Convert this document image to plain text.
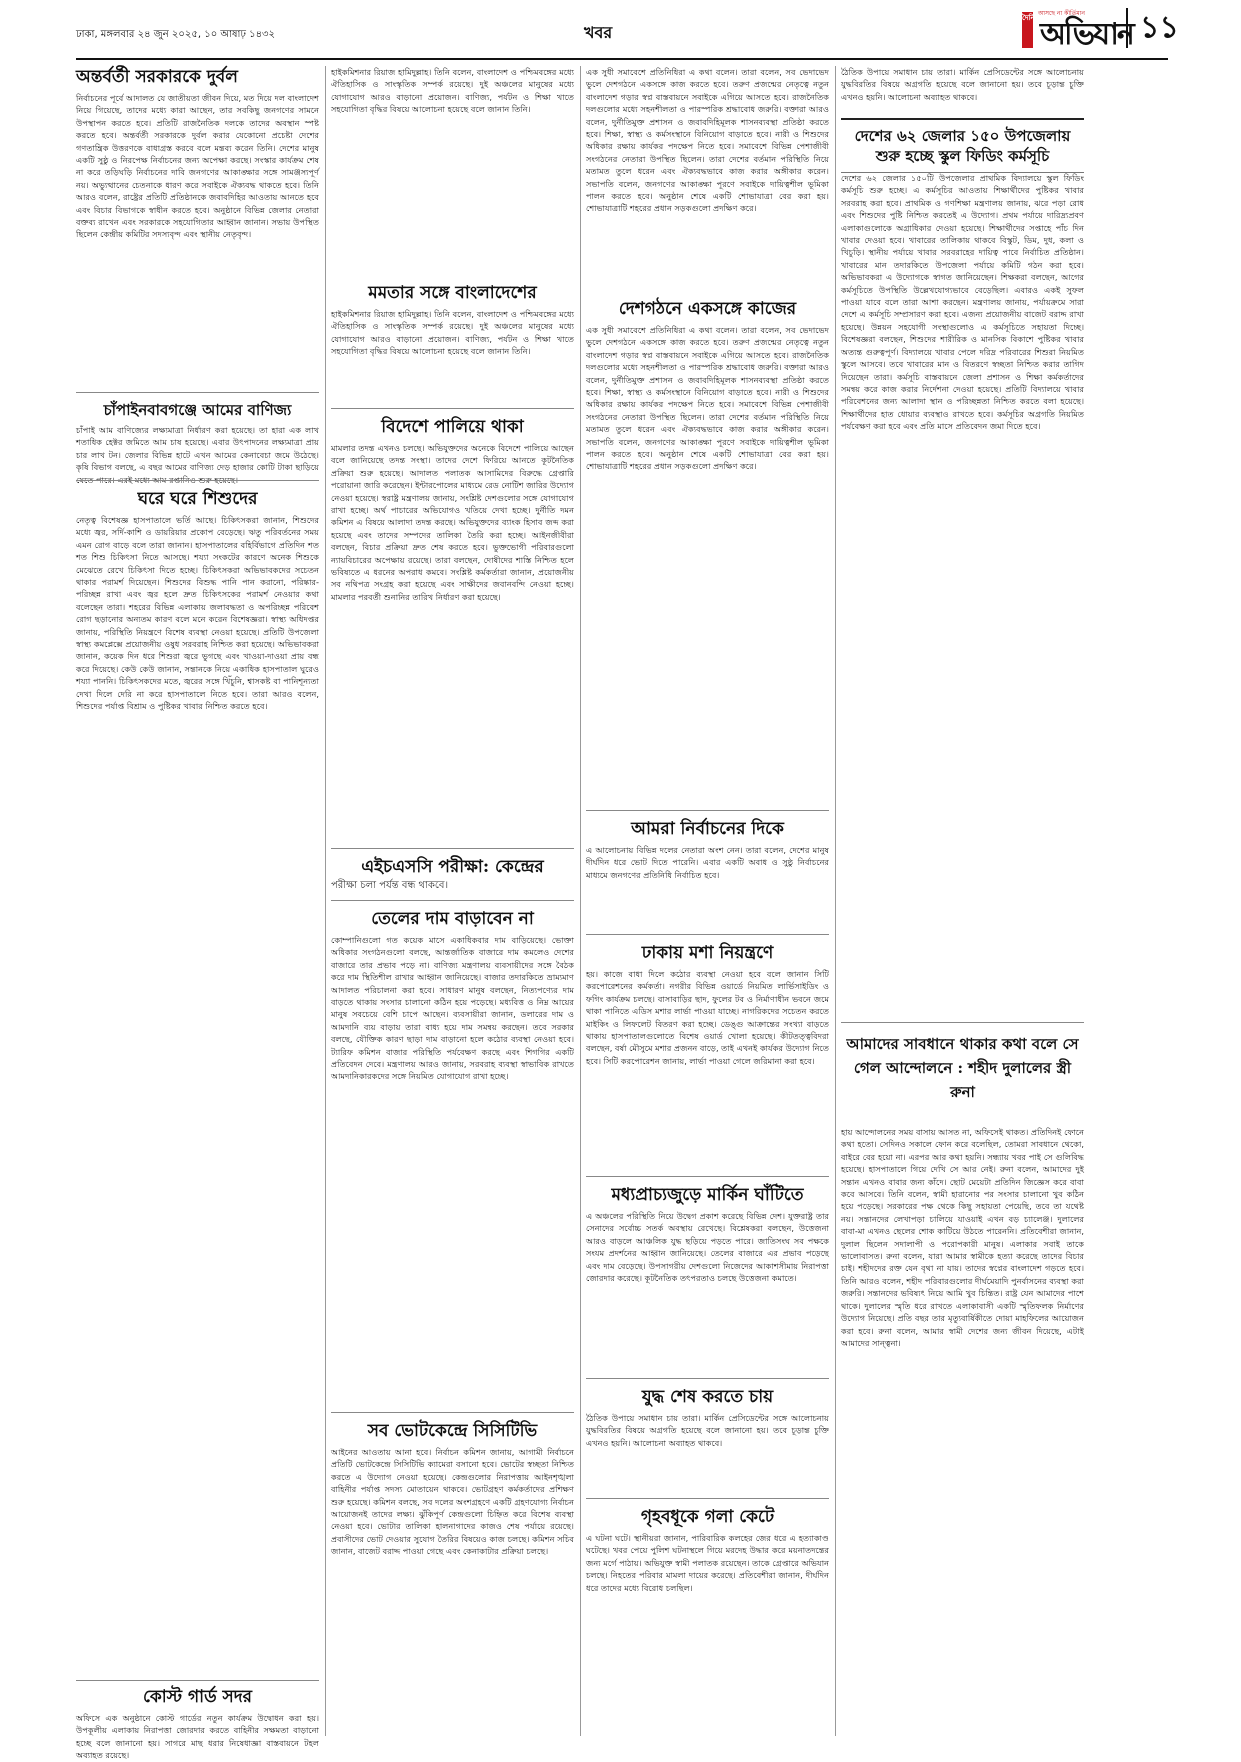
ঢাকা, মঙ্গলবার ২৪ জুন ২০২৫, ১০ আষাঢ় ১৪৩২	খবর
দৈনিক
আসছে না কীর্তিমান
অভিযান ১১
অন্তর্বর্তী সরকারকে দুর্বল

নির্বাচনের পূর্বে আদালত যে জাতীয়তা জীবন দিয়ে, মত দিয়ে দল বাংলাদেশ নিয়ে গিয়েছে, তাদের মধ্যে কারা আছেন, তার সবকিছু জনগণের সামনে উপস্থাপন করতে হবে। প্রতিটি রাজনৈতিক দলকে তাদের অবস্থান স্পষ্ট করতে হবে। অন্তর্বর্তী সরকারকে দুর্বল করার যেকোনো প্রচেষ্টা দেশের গণতান্ত্রিক উত্তরণকে বাধাগ্রস্ত করবে বলে মন্তব্য করেন তিনি। দেশের মানুষ একটি সুষ্ঠু ও নিরপেক্ষ নির্বাচনের জন্য অপেক্ষা করছে। সংস্কার কার্যক্রম শেষ না করে তড়িঘড়ি নির্বাচনের দাবি জনগণের আকাঙ্ক্ষার সঙ্গে সামঞ্জস্যপূর্ণ নয়। অভ্যুত্থানের চেতনাকে ধারণ করে সবাইকে ঐক্যবদ্ধ থাকতে হবে। তিনি আরও বলেন, রাষ্ট্রের প্রতিটি প্রতিষ্ঠানকে জবাবদিহির আওতায় আনতে হবে এবং বিচার বিভাগকে স্বাধীন করতে হবে। অনুষ্ঠানে বিভিন্ন জেলার নেতারা বক্তব্য রাখেন এবং সরকারকে সহযোগিতার আহ্বান জানান। সভায় উপস্থিত ছিলেন কেন্দ্রীয় কমিটির সদস্যবৃন্দ এবং স্থানীয় নেতৃবৃন্দ।

চাঁপাইনবাবগঞ্জে আমের বাণিজ্য

চাঁপাই আম বাণিজ্যের লক্ষ্যমাত্রা নির্ধারণ করা হয়েছে। তা হারা এক লাখ শতাধিক হেক্টর জমিতে আম চাষ হয়েছে। এবার উৎপাদনের লক্ষ্যমাত্রা প্রায় চার লাখ টন। জেলার বিভিন্ন হাটে এখন আমের কেনাবেচা জমে উঠেছে। কৃষি বিভাগ বলছে, এ বছর আমের বাণিজ্য দেড় হাজার কোটি টাকা ছাড়িয়ে

ঘরে ঘরে শিশুদের

নেতৃত্ব বিশেষজ্ঞ হাসপাতালে ভর্তি আছে। চিকিৎসকরা জানান, শিশুদের মধ্যে জ্বর, সর্দি-কাশি ও ডায়রিয়ার প্রকোপ বেড়েছে। ঋতু পরিবর্তনের সময় এমন রোগ বাড়ে বলে তারা জানান। হাসপাতালের বহির্বিভাগে প্রতিদিন শত শত শিশু চিকিৎসা নিতে আসছে। শয্যা সংকটের কারণে অনেক শিশুকে মেঝেতে রেখে চিকিৎসা দিতে হচ্ছে। চিকিৎসকরা অভিভাবকদের সচেতন থাকার পরামর্শ দিয়েছেন। শিশুদের বিশুদ্ধ পানি পান করানো, পরিষ্কার-পরিচ্ছন্ন রাখা এবং জ্বর হলে দ্রুত চিকিৎসকের পরামর্শ নেওয়ার কথা বলেছেন তারা। শহরের বিভিন্ন এলাকায় জলাবদ্ধতা ও অপরিচ্ছন্ন পরিবেশ রোগ ছড়ানোর অন্যতম কারণ বলে মনে করেন বিশেষজ্ঞরা। স্বাস্থ্য অধিদপ্তর জানায়, পরিস্থিতি নিয়ন্ত্রণে বিশেষ ব্যবস্থা নেওয়া হয়েছে। প্রতিটি উপজেলা স্বাস্থ্য কমপ্লেক্সে প্রয়োজনীয় ওষুধ সরবরাহ নিশ্চিত করা হয়েছে। অভিভাবকরা জানান, কয়েক দিন ধরে শিশুরা জ্বরে ভুগছে এবং খাওয়া-দাওয়া প্রায় বন্ধ করে দিয়েছে। কেউ কেউ জানান, সন্তানকে নিয়ে একাধিক হাসপাতাল ঘুরেও শয্যা পাননি। চিকিৎসকদের মতে, জ্বরের সঙ্গে খিঁচুনি, শ্বাসকষ্ট বা পানিশূন্যতা দেখা দিলে দেরি না করে হাসপাতালে নিতে হবে। তারা আরও বলেন, শিশুদের পর্যাপ্ত বিশ্রাম ও পুষ্টিকর খাবার নিশ্চিত করতে হবে।

কোস্ট গার্ড সদর

অফিসে এক অনুষ্ঠানে কোস্ট গার্ডের নতুন কার্যক্রম উদ্বোধন করা হয়। উপকূলীয় এলাকায় নিরাপত্তা জোরদার করতে বাহিনীর সক্ষমতা বাড়ানো হচ্ছে বলে জানানো হয়। সাগরে মাছ ধরার নিষেধাজ্ঞা বাস্তবায়নে টহল অব্যাহত রয়েছে।

হাইকমিশনার রিয়াজ হামিদুল্লাহ। তিনি বলেন, বাংলাদেশ ও পশ্চিমবঙ্গের মধ্যে ঐতিহাসিক ও সাংস্কৃতিক সম্পর্ক রয়েছে। দুই অঞ্চলের মানুষের মধ্যে যোগাযোগ আরও বাড়ানো প্রয়োজন। বাণিজ্য, পর্যটন ও শিক্ষা খাতে সহযোগিতা বৃদ্ধির বিষয়ে আলোচনা হয়েছে বলে জানান তিনি।

মমতার সঙ্গে বাংলাদেশের

হাইকমিশনার রিয়াজ হামিদুল্লাহ। তিনি বলেন, বাংলাদেশ ও পশ্চিমবঙ্গের মধ্যে ঐতিহাসিক ও সাংস্কৃতিক সম্পর্ক রয়েছে। দুই অঞ্চলের মানুষের মধ্যে যোগাযোগ আরও বাড়ানো প্রয়োজন। বাণিজ্য, পর্যটন ও শিক্ষা খাতে সহযোগিতা বৃদ্ধির বিষয়ে আলোচনা হয়েছে বলে জানান তিনি।

বিদেশে পালিয়ে থাকা

মামলার তদন্ত এখনও চলছে। অভিযুক্তদের অনেকে বিদেশে পালিয়ে আছেন বলে জানিয়েছে তদন্ত সংস্থা। তাদের দেশে ফিরিয়ে আনতে কূটনৈতিক প্রক্রিয়া শুরু হয়েছে। আদালত পলাতক আসামিদের বিরুদ্ধে গ্রেপ্তারি পরোয়ানা জারি করেছেন। ইন্টারপোলের মাধ্যমে রেড নোটিশ জারির উদ্যোগ নেওয়া হয়েছে। স্বরাষ্ট্র মন্ত্রণালয় জানায়, সংশ্লিষ্ট দেশগুলোর সঙ্গে যোগাযোগ রাখা হচ্ছে। অর্থ পাচারের অভিযোগও খতিয়ে দেখা হচ্ছে। দুর্নীতি দমন কমিশন এ বিষয়ে আলাদা তদন্ত করছে। অভিযুক্তদের ব্যাংক হিসাব জব্দ করা হয়েছে এবং তাদের সম্পদের তালিকা তৈরি করা হচ্ছে। আইনজীবীরা বলছেন, বিচার প্রক্রিয়া দ্রুত শেষ করতে হবে। ভুক্তভোগী পরিবারগুলো ন্যায়বিচারের অপেক্ষায় রয়েছে। তারা বলছেন, দোষীদের শাস্তি নিশ্চিত হলে ভবিষ্যতে এ ধরনের অপরাধ কমবে। সংশ্লিষ্ট কর্মকর্তারা জানান, প্রয়োজনীয় সব নথিপত্র সংগ্রহ করা হয়েছে এবং সাক্ষীদের জবানবন্দি নেওয়া হচ্ছে। মামলার পরবর্তী শুনানির তারিখ নির্ধারণ করা হয়েছে।

এইচএসসি পরীক্ষা: কেন্দ্রের

পরীক্ষা চলা পর্যন্ত বন্ধ থাকবে।

তেলের দাম বাড়াবেন না

কোম্পানিগুলো গত কয়েক মাসে একাধিকবার দাম বাড়িয়েছে। ভোক্তা অধিকার সংগঠনগুলো বলছে, আন্তর্জাতিক বাজারে দাম কমলেও দেশের বাজারে তার প্রভাব পড়ে না। বাণিজ্য মন্ত্রণালয় ব্যবসায়ীদের সঙ্গে বৈঠক করে দাম স্থিতিশীল রাখার আহ্বান জানিয়েছে। বাজার তদারকিতে ভ্রাম্যমাণ আদালত পরিচালনা করা হবে। সাধারণ মানুষ বলছেন, নিত্যপণ্যের দাম বাড়তে থাকায় সংসার চালানো কঠিন হয়ে পড়েছে। মধ্যবিত্ত ও নিম্ন আয়ের মানুষ সবচেয়ে বেশি চাপে আছেন। ব্যবসায়ীরা জানান, ডলারের দাম ও আমদানি ব্যয় বাড়ায় তারা বাধ্য হয়ে দাম সমন্বয় করছেন। তবে সরকার বলছে, যৌক্তিক কারণ ছাড়া দাম বাড়ানো হলে কঠোর ব্যবস্থা নেওয়া হবে। ট্যারিফ কমিশন বাজার পরিস্থিতি পর্যবেক্ষণ করছে এবং শিগগির একটি প্রতিবেদন দেবে। মন্ত্রণালয় আরও জানায়, সরবরাহ ব্যবস্থা স্বাভাবিক রাখতে আমদানিকারকদের সঙ্গে নিয়মিত যোগাযোগ রাখা হচ্ছে।

সব ভোটকেন্দ্রে সিসিটিভি

আইনের আওতায় আনা হবে। নির্বাচন কমিশন জানায়, আগামী নির্বাচনে প্রতিটি ভোটকেন্দ্রে সিসিটিভি ক্যামেরা বসানো হবে। ভোটের স্বচ্ছতা নিশ্চিত করতে এ উদ্যোগ নেওয়া হয়েছে। কেন্দ্রগুলোর নিরাপত্তায় আইনশৃঙ্খলা বাহিনীর পর্যাপ্ত সদস্য মোতায়েন থাকবে। ভোটগ্রহণ কর্মকর্তাদের প্রশিক্ষণ শুরু হয়েছে। কমিশন বলছে, সব দলের অংশগ্রহণে একটি গ্রহণযোগ্য নির্বাচন আয়োজনই তাদের লক্ষ্য। ঝুঁকিপূর্ণ কেন্দ্রগুলো চিহ্নিত করে বিশেষ ব্যবস্থা নেওয়া হবে। ভোটার তালিকা হালনাগাদের কাজও শেষ পর্যায়ে রয়েছে। প্রবাসীদের ভোট দেওয়ার সুযোগ তৈরির বিষয়েও কাজ চলছে। কমিশন সচিব জানান, বাজেট বরাদ্দ পাওয়া গেছে এবং কেনাকাটার প্রক্রিয়া চলছে।

এক সুধী সমাবেশে প্রতিনিধিরা এ কথা বলেন। তারা বলেন, সব ভেদাভেদ ভুলে দেশগঠনে একসঙ্গে কাজ করতে হবে। তরুণ প্রজন্মের নেতৃত্বে নতুন বাংলাদেশ গড়ার স্বপ্ন বাস্তবায়নে সবাইকে এগিয়ে আসতে হবে। রাজনৈতিক দলগুলোর মধ্যে সহনশীলতা ও পারস্পরিক শ্রদ্ধাবোধ জরুরি। বক্তারা আরও বলেন, দুর্নীতিমুক্ত প্রশাসন ও জবাবদিহিমূলক শাসনব্যবস্থা প্রতিষ্ঠা করতে হবে। শিক্ষা, স্বাস্থ্য ও কর্মসংস্থানে বিনিয়োগ বাড়াতে হবে। নারী ও শিশুদের অধিকার রক্ষায় কার্যকর পদক্ষেপ নিতে হবে। সমাবেশে বিভিন্ন পেশাজীবী সংগঠনের নেতারা উপস্থিত ছিলেন। তারা দেশের বর্তমান পরিস্থিতি নিয়ে মতামত তুলে ধরেন এবং ঐক্যবদ্ধভাবে কাজ করার অঙ্গীকার করেন। সভাপতি বলেন, জনগণের আকাঙ্ক্ষা পূরণে সবাইকে দায়িত্বশীল ভূমিকা পালন করতে হবে। অনুষ্ঠান শেষে একটি শোভাযাত্রা বের করা হয়। শোভাযাত্রাটি শহরের প্রধান সড়কগুলো প্রদক্ষিণ করে।

দেশগঠনে একসঙ্গে কাজের

এক সুধী সমাবেশে প্রতিনিধিরা এ কথা বলেন। তারা বলেন, সব ভেদাভেদ ভুলে দেশগঠনে একসঙ্গে কাজ করতে হবে। তরুণ প্রজন্মের নেতৃত্বে নতুন বাংলাদেশ গড়ার স্বপ্ন বাস্তবায়নে সবাইকে এগিয়ে আসতে হবে। রাজনৈতিক দলগুলোর মধ্যে সহনশীলতা ও পারস্পরিক শ্রদ্ধাবোধ জরুরি। বক্তারা আরও বলেন, দুর্নীতিমুক্ত প্রশাসন ও জবাবদিহিমূলক শাসনব্যবস্থা প্রতিষ্ঠা করতে হবে। শিক্ষা, স্বাস্থ্য ও কর্মসংস্থানে বিনিয়োগ বাড়াতে হবে। নারী ও শিশুদের অধিকার রক্ষায় কার্যকর পদক্ষেপ নিতে হবে। সমাবেশে বিভিন্ন পেশাজীবী সংগঠনের নেতারা উপস্থিত ছিলেন। তারা দেশের বর্তমান পরিস্থিতি নিয়ে মতামত তুলে ধরেন এবং ঐক্যবদ্ধভাবে কাজ করার অঙ্গীকার করেন। সভাপতি বলেন, জনগণের আকাঙ্ক্ষা পূরণে সবাইকে দায়িত্বশীল ভূমিকা পালন করতে হবে। অনুষ্ঠান শেষে একটি শোভাযাত্রা বের করা হয়। শোভাযাত্রাটি শহরের প্রধান সড়কগুলো প্রদক্ষিণ করে।

আমরা নির্বাচনের দিকে

এ আলোচনায় বিভিন্ন দলের নেতারা অংশ নেন। তারা বলেন, দেশের মানুষ দীর্ঘদিন ধরে ভোট দিতে পারেনি। এবার একটি অবাধ ও সুষ্ঠু নির্বাচনের মাধ্যমে জনগণের প্রতিনিধি নির্বাচিত হবে।

ঢাকায় মশা নিয়ন্ত্রণে

হয়। কাজে বাধা দিলে কঠোর ব্যবস্থা নেওয়া হবে বলে জানান সিটি করপোরেশনের কর্মকর্তা। নগরীর বিভিন্ন ওয়ার্ডে নিয়মিত লার্ভিসাইডিং ও ফগিং কার্যক্রম চলছে। বাসাবাড়ির ছাদ, ফুলের টব ও নির্মাণাধীন ভবনে জমে থাকা পানিতে এডিস মশার লার্ভা পাওয়া যাচ্ছে। নাগরিকদের সচেতন করতে মাইকিং ও লিফলেট বিতরণ করা হচ্ছে। ডেঙ্গু আক্রান্তের সংখ্যা বাড়তে থাকায় হাসপাতালগুলোতে বিশেষ ওয়ার্ড খোলা হয়েছে। কীটতত্ত্ববিদরা বলছেন, বর্ষা মৌসুমে মশার প্রজনন বাড়ে, তাই এখনই কার্যকর উদ্যোগ নিতে হবে। সিটি করপোরেশন জানায়, লার্ভা পাওয়া গেলে জরিমানা করা হবে।

মধ্যপ্রাচ্যজুড়ে মার্কিন ঘাঁটিতে

এ অঞ্চলের পরিস্থিতি নিয়ে উদ্বেগ প্রকাশ করেছে বিভিন্ন দেশ। যুক্তরাষ্ট্র তার সেনাদের সর্বোচ্চ সতর্ক অবস্থায় রেখেছে। বিশ্লেষকরা বলছেন, উত্তেজনা আরও বাড়লে আঞ্চলিক যুদ্ধ ছড়িয়ে পড়তে পারে। জাতিসংঘ সব পক্ষকে সংযম প্রদর্শনের আহ্বান জানিয়েছে। তেলের বাজারে এর প্রভাব পড়েছে এবং দাম বেড়েছে। উপসাগরীয় দেশগুলো নিজেদের আকাশসীমায় নিরাপত্তা জোরদার করেছে। কূটনৈতিক তৎপরতাও চলছে উত্তেজনা কমাতে।

যুদ্ধ শেষ করতে চায়

ঠৈতিক উপায়ে সমাধান চায় তারা। মার্কিন প্রেসিডেন্টের সঙ্গে আলোচনায় যুদ্ধবিরতির বিষয়ে অগ্রগতি হয়েছে বলে জানানো হয়। তবে চূড়ান্ত চুক্তি এখনও হয়নি। আলোচনা অব্যাহত থাকবে।

গৃহবধূকে গলা কেটে

এ ঘটনা ঘটে। স্থানীয়রা জানান, পারিবারিক কলহের জের ধরে এ হত্যাকাণ্ড ঘটেছে। খবর পেয়ে পুলিশ ঘটনাস্থলে গিয়ে মরদেহ উদ্ধার করে ময়নাতদন্তের জন্য মর্গে পাঠায়। অভিযুক্ত স্বামী পলাতক রয়েছেন। তাকে গ্রেপ্তারে অভিযান চলছে। নিহতের পরিবার মামলা দায়ের করেছে। প্রতিবেশীরা জানান, দীর্ঘদিন ধরে তাদের মধ্যে বিরোধ চলছিল।

ঠৈতিক উপায়ে সমাধান চায় তারা। মার্কিন প্রেসিডেন্টের সঙ্গে আলোচনায় যুদ্ধবিরতির বিষয়ে অগ্রগতি হয়েছে বলে জানানো হয়। তবে চূড়ান্ত চুক্তি এখনও হয়নি। আলোচনা অব্যাহত থাকবে।

দেশের ৬২ জেলার ১৫০ উপজেলায় শুরু হচ্ছে স্কুল ফিডিং কর্মসূচি

দেশের ৬২ জেলার ১৫০টি উপজেলার প্রাথমিক বিদ্যালয়ে স্কুল ফিডিং কর্মসূচি শুরু হচ্ছে। এ কর্মসূচির আওতায় শিক্ষার্থীদের পুষ্টিকর খাবার সরবরাহ করা হবে। প্রাথমিক ও গণশিক্ষা মন্ত্রণালয় জানায়, ঝরে পড়া রোধ এবং শিশুদের পুষ্টি নিশ্চিত করতেই এ উদ্যোগ। প্রথম পর্যায়ে দারিদ্র্যপ্রবণ এলাকাগুলোকে অগ্রাধিকার দেওয়া হয়েছে। শিক্ষার্থীদের সপ্তাহে পাঁচ দিন খাবার দেওয়া হবে। খাবারের তালিকায় থাকবে বিস্কুট, ডিম, দুধ, কলা ও খিচুড়ি। স্থানীয় পর্যায়ে খাবার সরবরাহের দায়িত্ব পাবে নির্বাচিত প্রতিষ্ঠান। খাবারের মান তদারকিতে উপজেলা পর্যায়ে কমিটি গঠন করা হবে। অভিভাবকরা এ উদ্যোগকে স্বাগত জানিয়েছেন। শিক্ষকরা বলছেন, আগের কর্মসূচিতে উপস্থিতি উল্লেখযোগ্যভাবে বেড়েছিল। এবারও একই সুফল পাওয়া যাবে বলে তারা আশা করছেন। মন্ত্রণালয় জানায়, পর্যায়ক্রমে সারা দেশে এ কর্মসূচি সম্প্রসারণ করা হবে। এজন্য প্রয়োজনীয় বাজেট বরাদ্দ রাখা হয়েছে। উন্নয়ন সহযোগী সংস্থাগুলোও এ কর্মসূচিতে সহায়তা দিচ্ছে। বিশেষজ্ঞরা বলছেন, শিশুদের শারীরিক ও মানসিক বিকাশে পুষ্টিকর খাবার অত্যন্ত গুরুত্বপূর্ণ। বিদ্যালয়ে খাবার পেলে দরিদ্র পরিবারের শিশুরা নিয়মিত স্কুলে আসবে। তবে খাবারের মান ও বিতরণে স্বচ্ছতা নিশ্চিত করার তাগিদ দিয়েছেন তারা। কর্মসূচি বাস্তবায়নে জেলা প্রশাসন ও শিক্ষা কর্মকর্তাদের সমন্বয় করে কাজ করার নির্দেশনা দেওয়া হয়েছে। প্রতিটি বিদ্যালয়ে খাবার পরিবেশনের জন্য আলাদা স্থান ও পরিচ্ছন্নতা নিশ্চিত করতে বলা হয়েছে। শিক্ষার্থীদের হাত ধোয়ার ব্যবস্থাও রাখতে হবে। কর্মসূচির অগ্রগতি নিয়মিত পর্যবেক্ষণ করা হবে এবং প্রতি মাসে প্রতিবেদন জমা দিতে হবে।

আমাদের সাবধানে থাকার কথা বলে সে গেল আন্দোলনে : শহীদ দুলালের স্ত্রী রুনা

হায় আন্দোলনের সময় বাসায় আসত না, অফিসেই থাকত। প্রতিদিনই ফোনে কথা হতো। সেদিনও সকালে ফোন করে বলেছিল, তোমরা সাবধানে থেকো, বাইরে বের হয়ো না। এরপর আর কথা হয়নি। সন্ধ্যায় খবর পাই সে গুলিবিদ্ধ হয়েছে। হাসপাতালে গিয়ে দেখি সে আর নেই। রুনা বলেন, আমাদের দুই সন্তান এখনও বাবার জন্য কাঁদে। ছোট মেয়েটা প্রতিদিন জিজ্ঞেস করে বাবা কবে আসবে। তিনি বলেন, স্বামী হারানোর পর সংসার চালানো খুব কঠিন হয়ে পড়েছে। সরকারের পক্ষ থেকে কিছু সহায়তা পেয়েছি, তবে তা যথেষ্ট নয়। সন্তানদের লেখাপড়া চালিয়ে যাওয়াই এখন বড় চ্যালেঞ্জ। দুলালের বাবা-মা এখনও ছেলের শোক কাটিয়ে উঠতে পারেননি। প্রতিবেশীরা জানান, দুলাল ছিলেন সদালাপী ও পরোপকারী মানুষ। এলাকার সবাই তাকে ভালোবাসত। রুনা বলেন, যারা আমার স্বামীকে হত্যা করেছে তাদের বিচার চাই। শহীদদের রক্ত যেন বৃথা না যায়। তাদের স্বপ্নের বাংলাদেশ গড়তে হবে। তিনি আরও বলেন, শহীদ পরিবারগুলোর দীর্ঘমেয়াদি পুনর্বাসনের ব্যবস্থা করা জরুরি। সন্তানদের ভবিষ্যৎ নিয়ে আমি খুব চিন্তিত। রাষ্ট্র যেন আমাদের পাশে থাকে। দুলালের স্মৃতি ধরে রাখতে এলাকাবাসী একটি স্মৃতিফলক নির্মাণের উদ্যোগ নিয়েছে। প্রতি বছর তার মৃত্যুবার্ষিকীতে দোয়া মাহফিলের আয়োজন করা হবে। রুনা বলেন, আমার স্বামী দেশের জন্য জীবন দিয়েছে, এটাই আমাদের সান্ত্বনা।
